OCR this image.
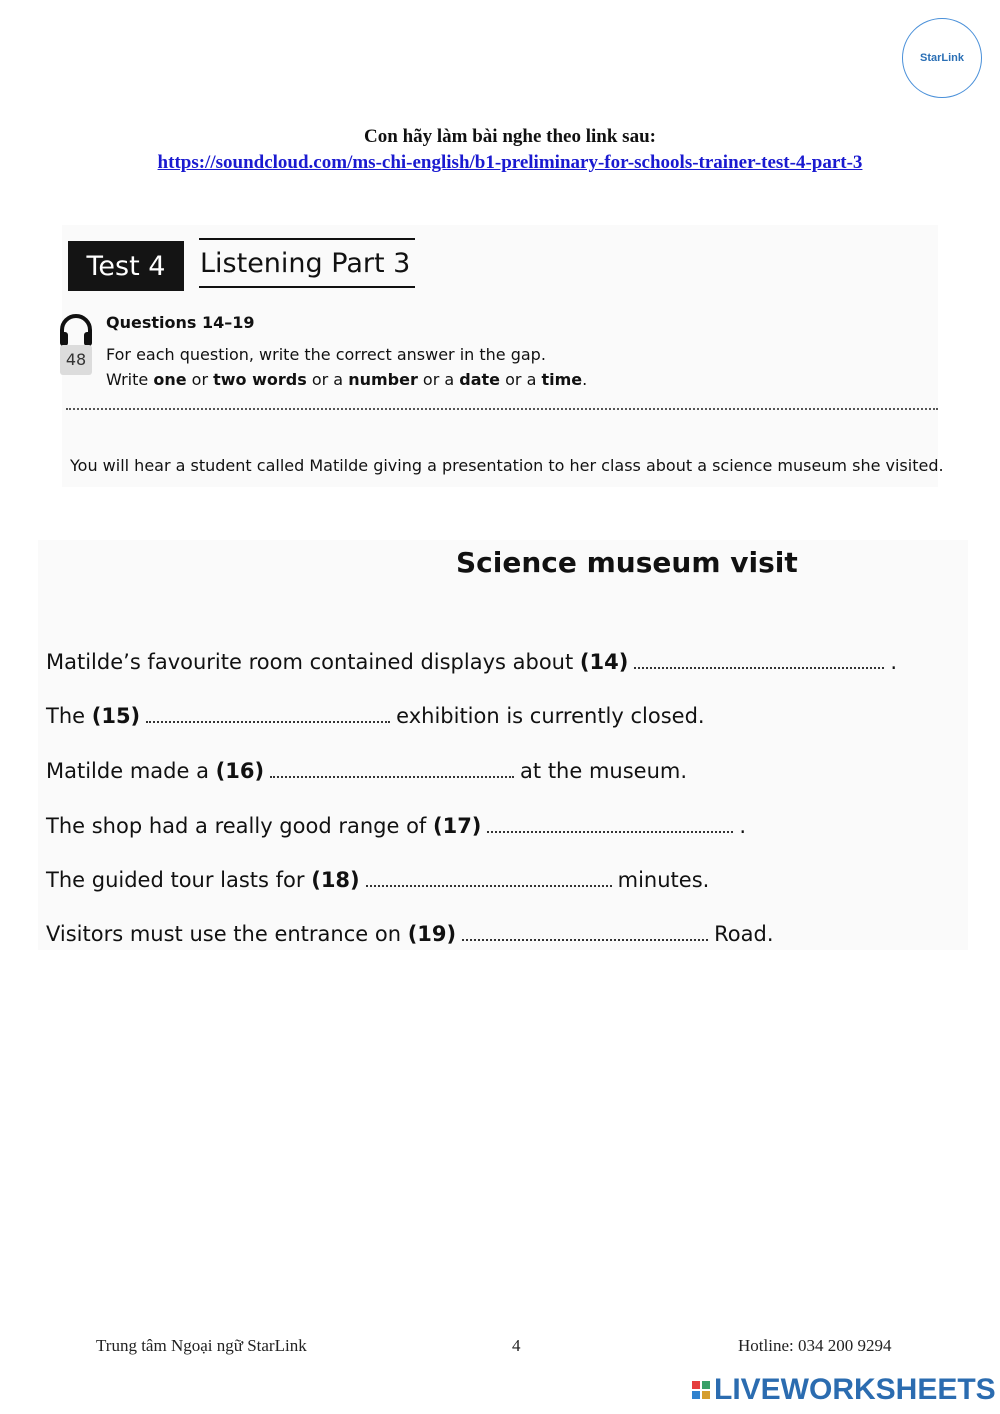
StarLink
Con hãy làm bài nghe theo link sau:
https://soundcloud.com/ms-chi-english/b1-preliminary-for-schools-trainer-test-4-part-3
Test 4	Listening Part 3
48
Questions 14–19
For each question, write the correct answer in the gap.
Write one or two words or a number or a date or a time.
You will hear a student called Matilde giving a presentation to her class about a science museum she visited.
Science museum visit
Matilde’s favourite room contained displays about (14)	.
The (15)	exhibition is currently closed.
Matilde made a (16)	at the museum.
The shop had a really good range of (17)	.
The guided tour lasts for (18)	minutes.
Visitors must use the entrance on (19)	Road.
Trung tâm Ngoại ngữ StarLink	4	Hotline: 034 200 9294
LIVEWORKSHEETS
